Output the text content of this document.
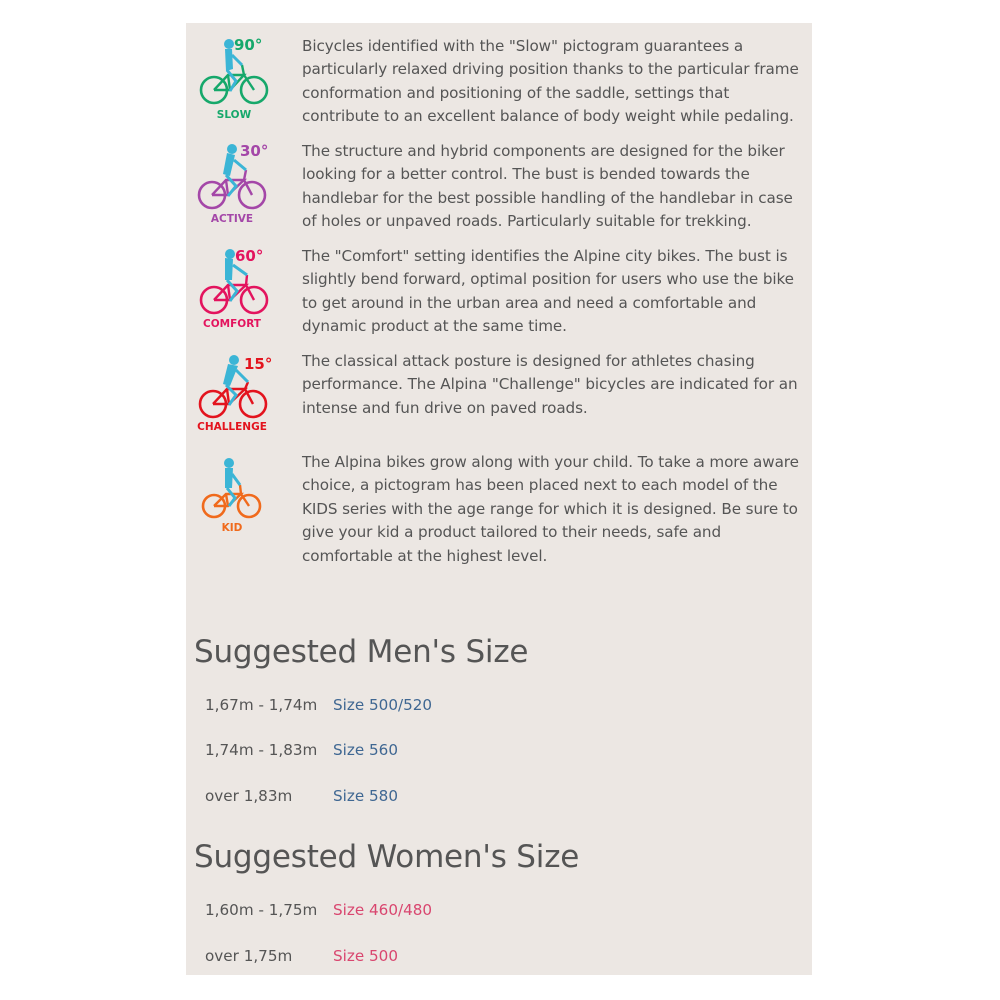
90°
SLOW

Bicycles identified with the "Slow" pictogram guarantees a particularly relaxed driving position thanks to the particular frame conformation and positioning of the saddle, settings that contribute to an excellent balance of body weight while pedaling.

30°
ACTIVE

The structure and hybrid components are designed for the biker looking for a better control. The bust is bended towards the handlebar for the best possible handling of the handlebar in case of holes or unpaved roads. Particularly suitable for trekking.

60°
COMFORT

The "Comfort" setting identifies the Alpine city bikes. The bust is slightly bend forward, optimal position for users who use the bike to get around in the urban area and need a comfortable and dynamic product at the same time.

15°
CHALLENGE

The classical attack posture is designed for athletes chasing performance. The Alpina "Challenge" bicycles are indicated for an intense and fun drive on paved roads.

KID

The Alpina bikes grow along with your child. To take a more aware choice, a pictogram has been placed next to each model of the KIDS series with the age range for which it is designed. Be sure to give your kid a product tailored to their needs, safe and comfortable at the highest level.

Suggested Men's Size
1,67m - 1,74m Size 500/520
1,74m - 1,83m Size 560
over 1,83m	Size 580
Suggested Women's Size
1,60m - 1,75m Size 460/480
over 1,75m	Size 500
